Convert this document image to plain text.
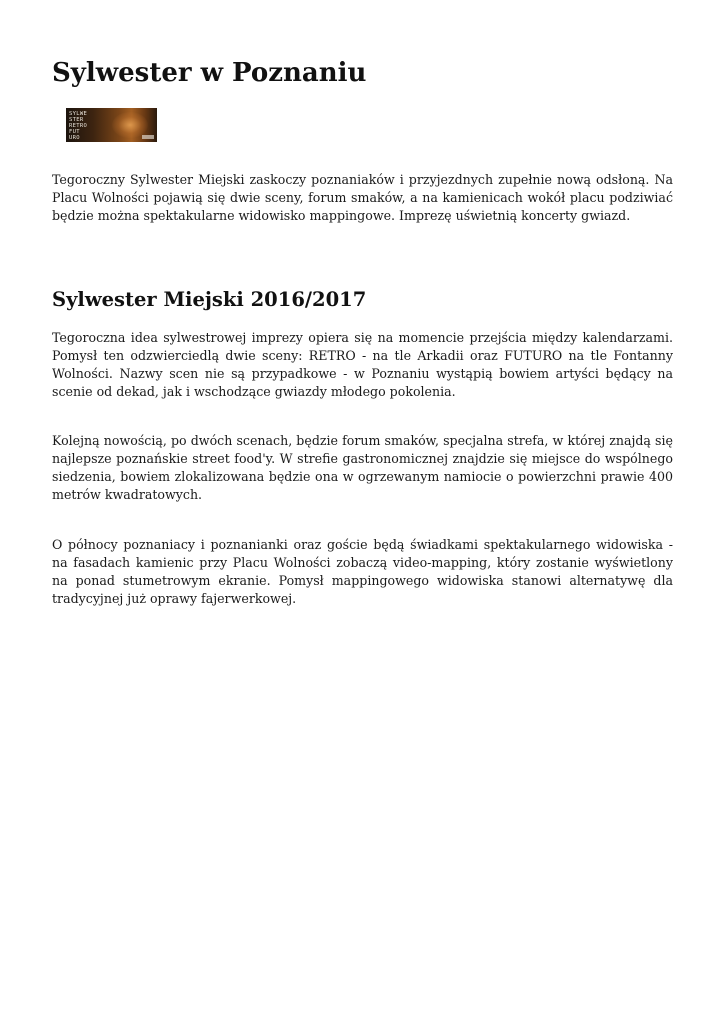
Sylwester w Poznaniu
SYLWE
STER
RETRO
FUT
URO

Tegoroczny Sylwester Miejski zaskoczy poznaniaków i przyjezdnych zupełnie nową odsłoną. Na Placu Wolności pojawią się dwie sceny, forum smaków, a na kamienicach wokół placu podziwiać będzie można spektakularne widowisko mappingowe. Imprezę uświetnią koncerty gwiazd.

Sylwester Miejski 2016/2017

Tegoroczna idea sylwestrowej imprezy opiera się na momencie przejścia między kalendarzami. Pomysł ten odzwierciedlą dwie sceny: RETRO - na tle Arkadii oraz FUTURO na tle Fontanny Wolności. Nazwy scen nie są przypadkowe - w Poznaniu wystąpią bowiem artyści będący na scenie od dekad, jak i wschodzące gwiazdy młodego pokolenia.

Kolejną nowością, po dwóch scenach, będzie forum smaków, specjalna strefa, w której znajdą się najlepsze poznańskie street food'y. W strefie gastronomicznej znajdzie się miejsce do wspólnego siedzenia, bowiem zlokalizowana będzie ona w ogrzewanym namiocie o powierzchni prawie 400 metrów kwadratowych.

O północy poznaniacy i poznanianki oraz goście będą świadkami spektakularnego widowiska - na fasadach kamienic przy Placu Wolności zobaczą video-mapping, który zostanie wyświetlony na ponad stumetrowym ekranie. Pomysł mappingowego widowiska stanowi alternatywę dla tradycyjnej już oprawy fajerwerkowej.
